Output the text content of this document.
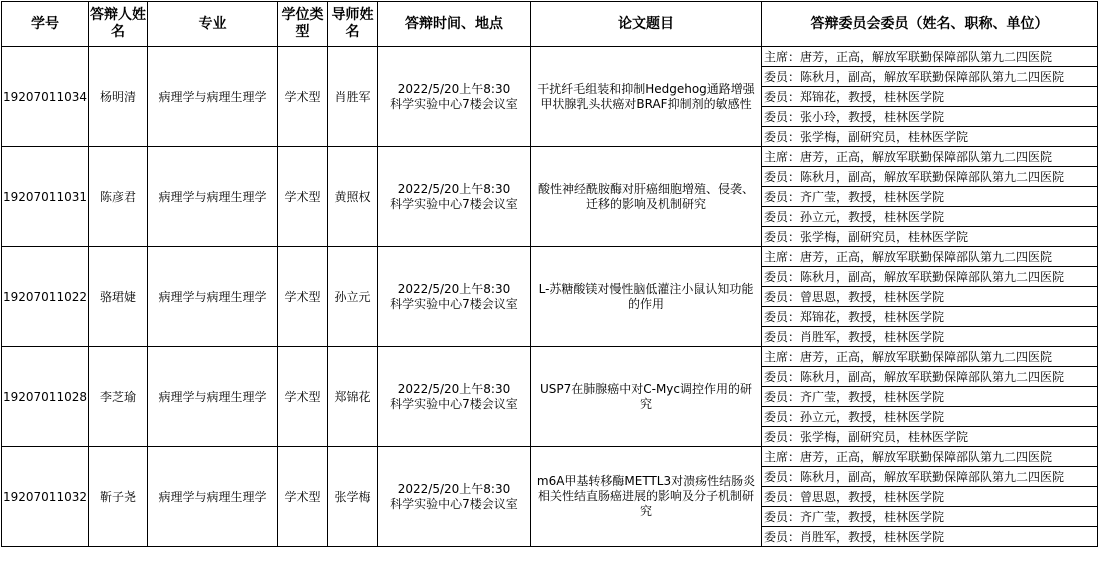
学号	答辩人姓名	专业	学位类型	导师姓名	答辩时间、地点	论文题目	答辩委员会委员（姓名、职称、单位）
19207011034	杨明清	病理学与病理生理学	学术型	肖胜军	2022/5/20上午8:30
科学实验中心7楼会议室	干扰纤毛组装和抑制Hedgehog通路增强甲状腺乳头状癌对BRAF抑制剂的敏感性	主席：唐芳，正高，解放军联勤保障部队第九二四医院
							委员：陈秋月，副高，解放军联勤保障部队第九二四医院
							委员：郑锦花，教授，桂林医学院
							委员：张小玲，教授，桂林医学院
							委员：张学梅，副研究员，桂林医学院
19207011031	陈彦君	病理学与病理生理学	学术型	黄照权	2022/5/20上午8:30
科学实验中心7楼会议室	酸性神经酰胺酶对肝癌细胞增殖、侵袭、迁移的影响及机制研究	主席：唐芳，正高，解放军联勤保障部队第九二四医院
							委员：陈秋月，副高，解放军联勤保障部队第九二四医院
							委员：齐广莹，教授，桂林医学院
							委员：孙立元，教授，桂林医学院
							委员：张学梅，副研究员，桂林医学院
19207011022	骆珺婕	病理学与病理生理学	学术型	孙立元	2022/5/20上午8:30
科学实验中心7楼会议室	L-苏糖酸镁对慢性脑低灌注小鼠认知功能的作用	主席：唐芳，正高，解放军联勤保障部队第九二四医院
							委员：陈秋月，副高，解放军联勤保障部队第九二四医院
							委员：曾思恩，教授，桂林医学院
							委员：郑锦花，教授，桂林医学院
							委员：肖胜军，教授，桂林医学院
19207011028	李芝瑜	病理学与病理生理学	学术型	郑锦花	2022/5/20上午8:30
科学实验中心7楼会议室	USP7在肺腺癌中对C-Myc调控作用的研究	主席：唐芳，正高，解放军联勤保障部队第九二四医院
							委员：陈秋月，副高，解放军联勤保障部队第九二四医院
							委员：齐广莹，教授，桂林医学院
							委员：孙立元，教授，桂林医学院
							委员：张学梅，副研究员，桂林医学院
19207011032	靳子尧	病理学与病理生理学	学术型	张学梅	2022/5/20上午8:30
科学实验中心7楼会议室	m6A甲基转移酶METTL3对溃疡性结肠炎相关性结直肠癌进展的影响及分子机制研究	主席：唐芳，正高，解放军联勤保障部队第九二四医院
							委员：陈秋月，副高，解放军联勤保障部队第九二四医院
							委员：曾思恩，教授，桂林医学院
							委员：齐广莹，教授，桂林医学院
							委员：肖胜军，教授，桂林医学院
